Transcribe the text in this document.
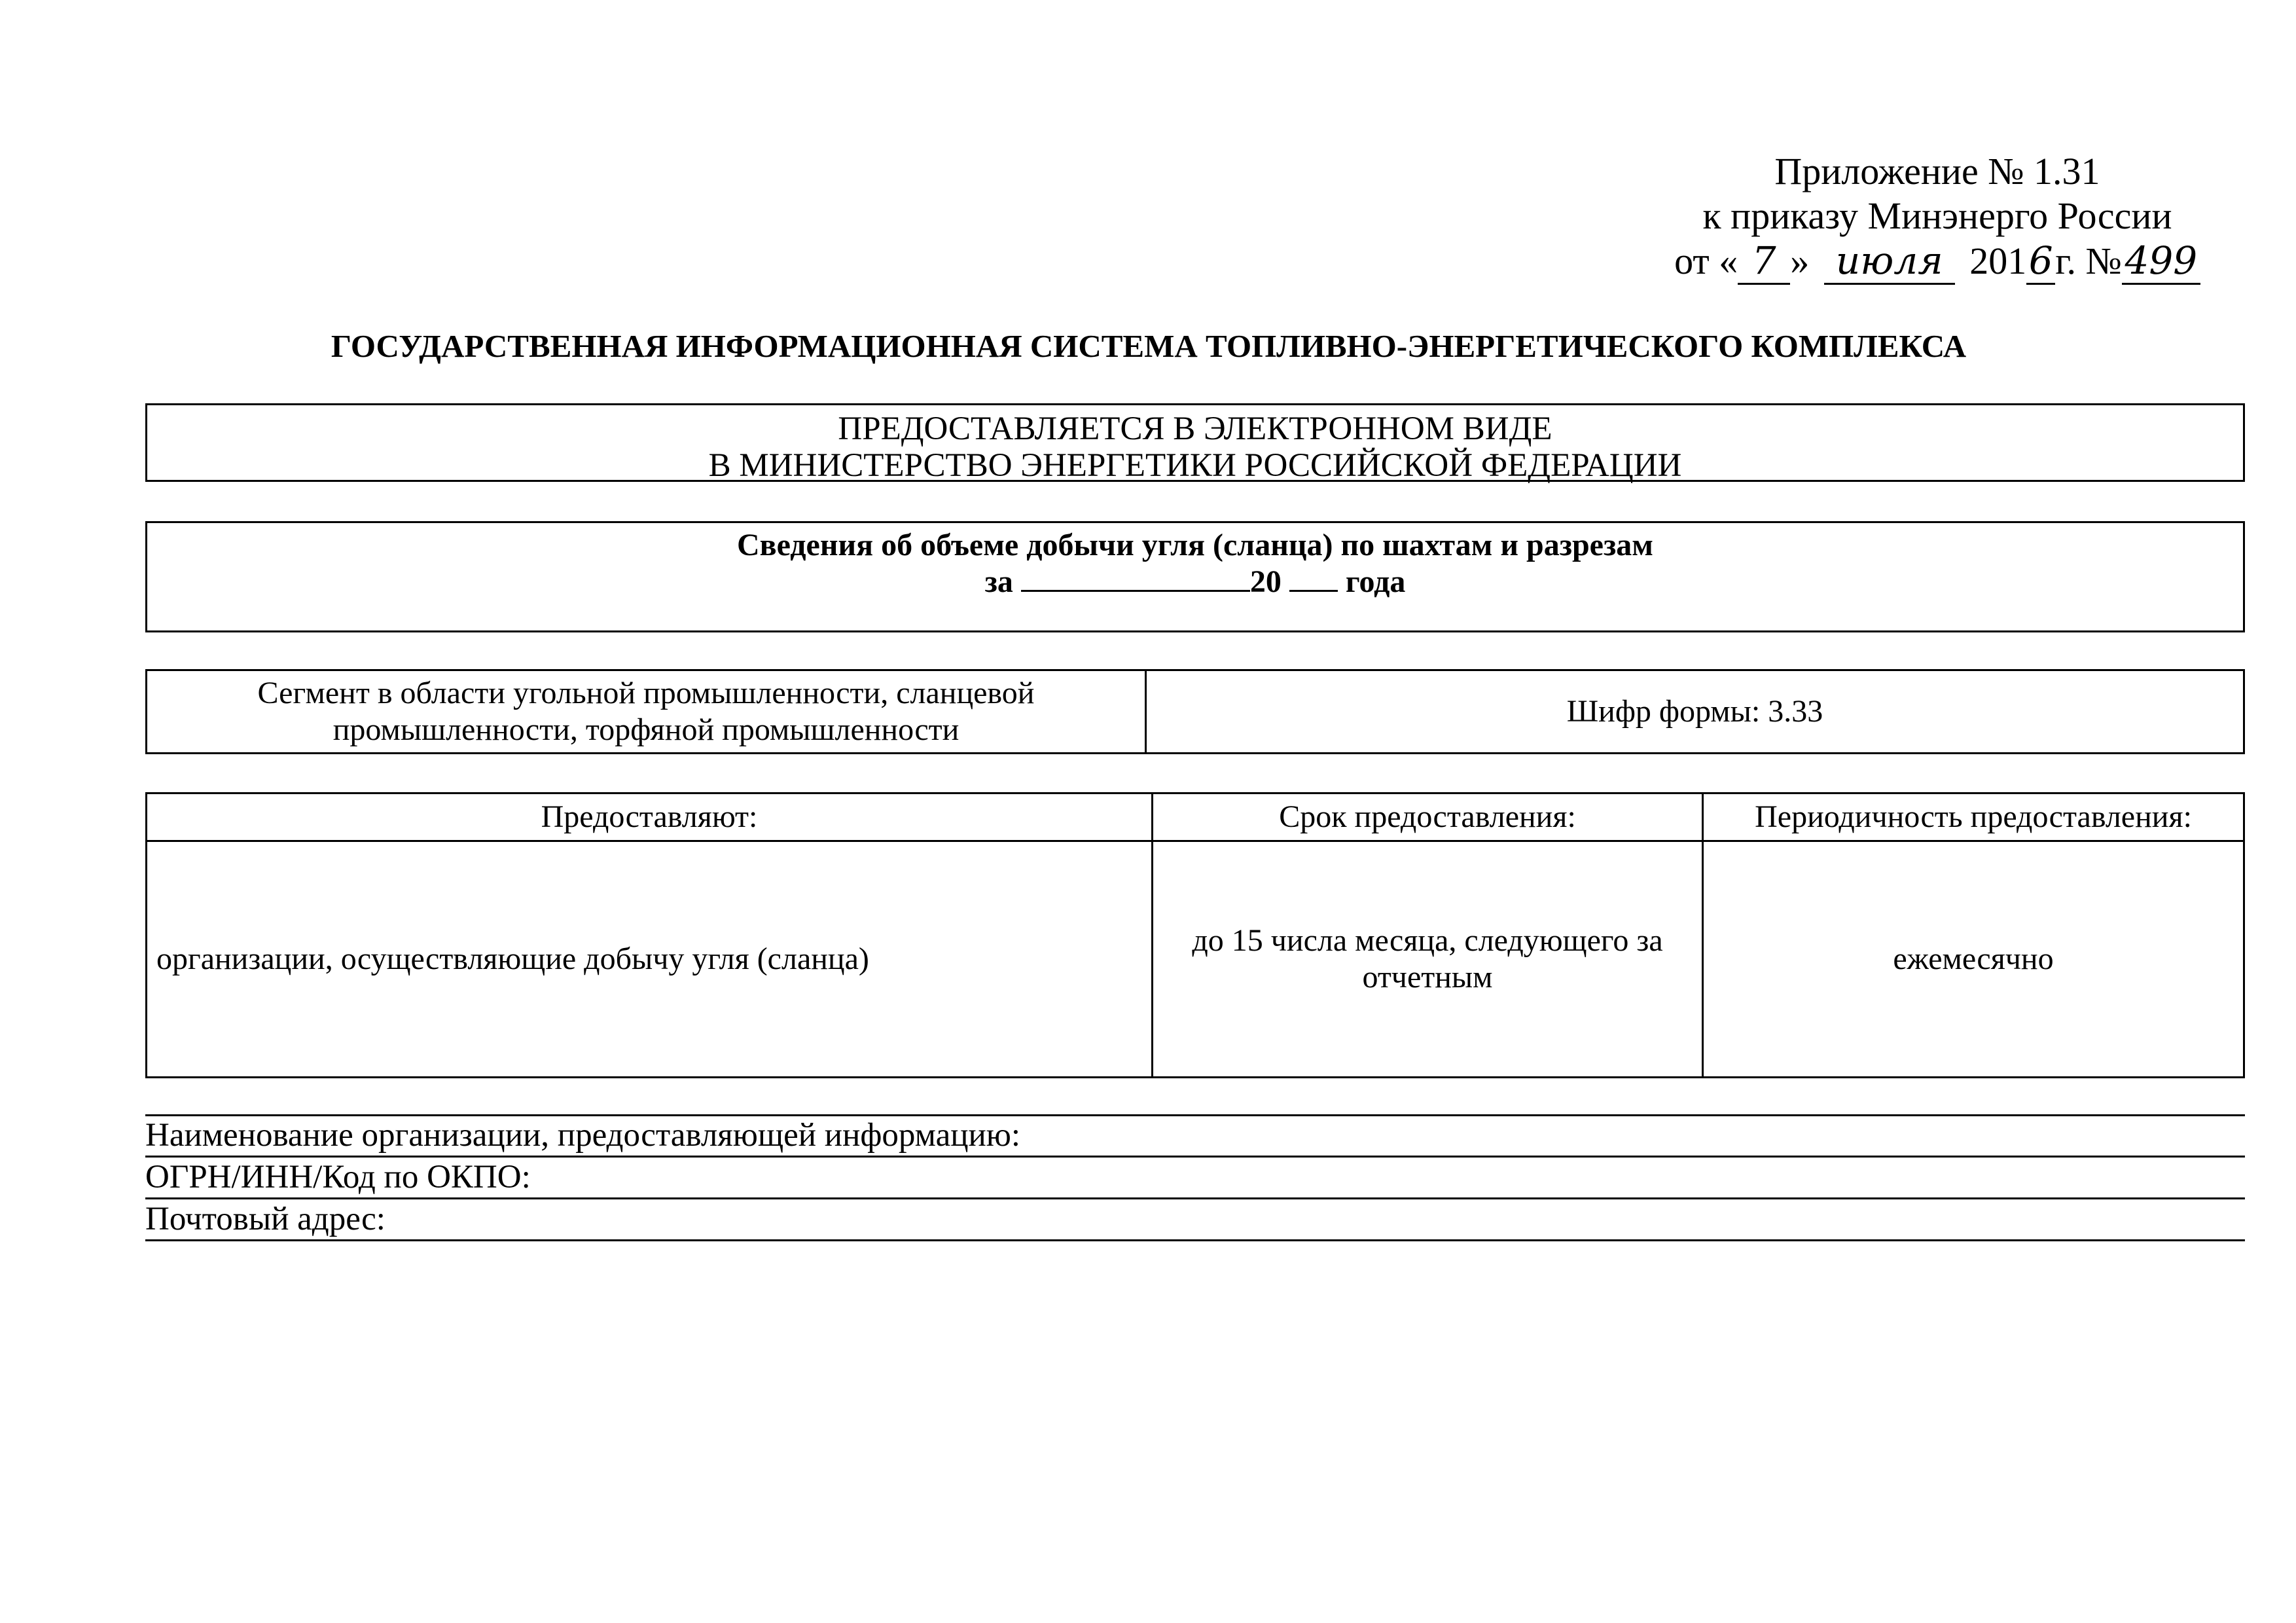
Приложение № 1.31
к приказу Минэнерго России
от « 7 » июля 2016г. №499
ГОСУДАРСТВЕННАЯ ИНФОРМАЦИОННАЯ СИСТЕМА ТОПЛИВНО-ЭНЕРГЕТИЧЕСКОГО КОМПЛЕКСА
ПРЕДОСТАВЛЯЕТСЯ В ЭЛЕКТРОННОМ ВИДЕ
В МИНИСТЕРСТВО ЭНЕРГЕТИКИ РОССИЙСКОЙ ФЕДЕРАЦИИ
Сведения об объеме добычи угля (сланца) по шахтам и разрезам
за	20 года
Сегмент в области угольной промышленности, сланцевой промышленности, торфяной промышленности	Шифр формы: 3.33
Предоставляют:	Срок предоставления:	Периодичность предоставления:
организации, осуществляющие добычу угля (сланца)	до 15 числа месяца, следующего за отчетным	ежемесячно
Наименование организации, предоставляющей информацию:
ОГРН/ИНН/Код по ОКПО:
Почтовый адрес:
